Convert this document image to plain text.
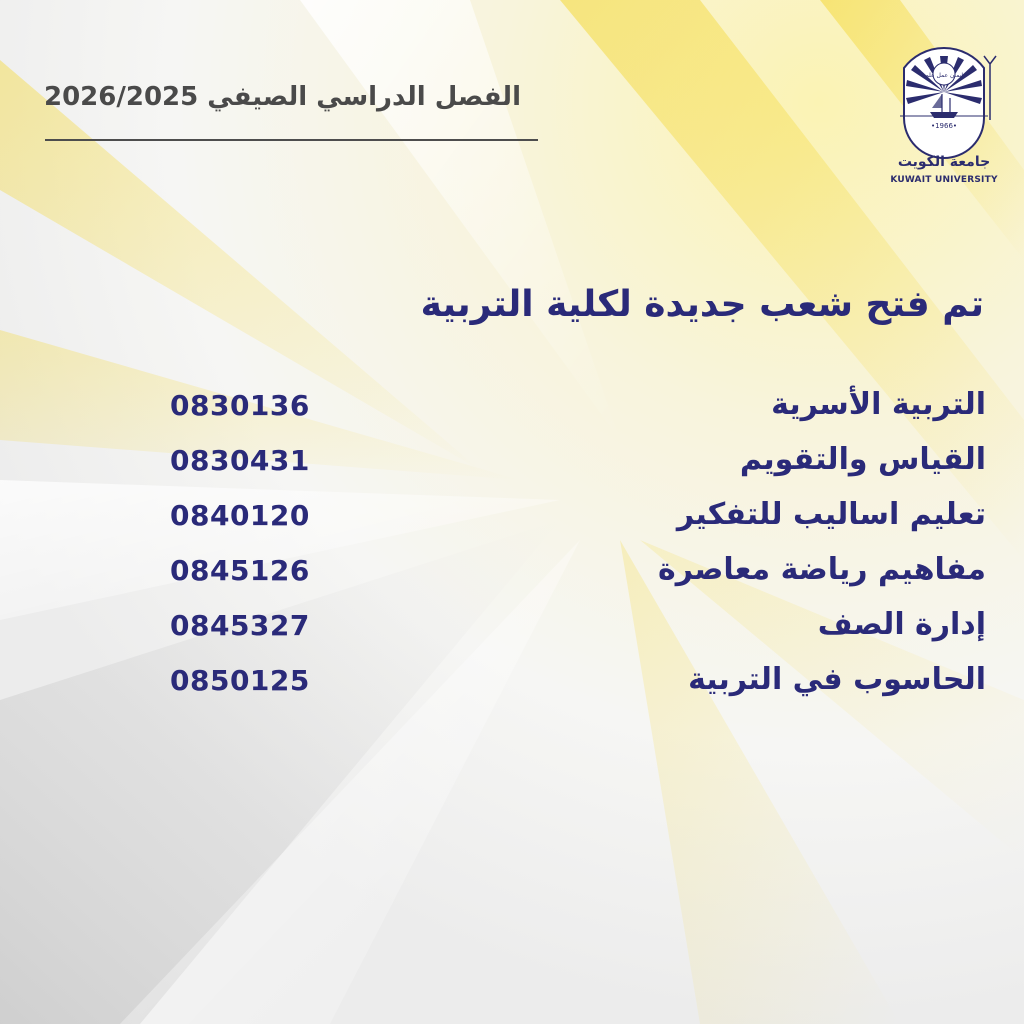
الفصل الدراسي الصيفي 2026/2025
إيمان عمل علم
•1966•
جامعة الكويت
KUWAIT UNIVERSITY
تم فتح شعب جديدة لكلية التربية
التربية الأسرية
0830136
القياس والتقويم
0830431
تعليم اساليب للتفكير
0840120
مفاهيم رياضة معاصرة
0845126
إدارة الصف
0845327
الحاسوب في التربية
0850125
